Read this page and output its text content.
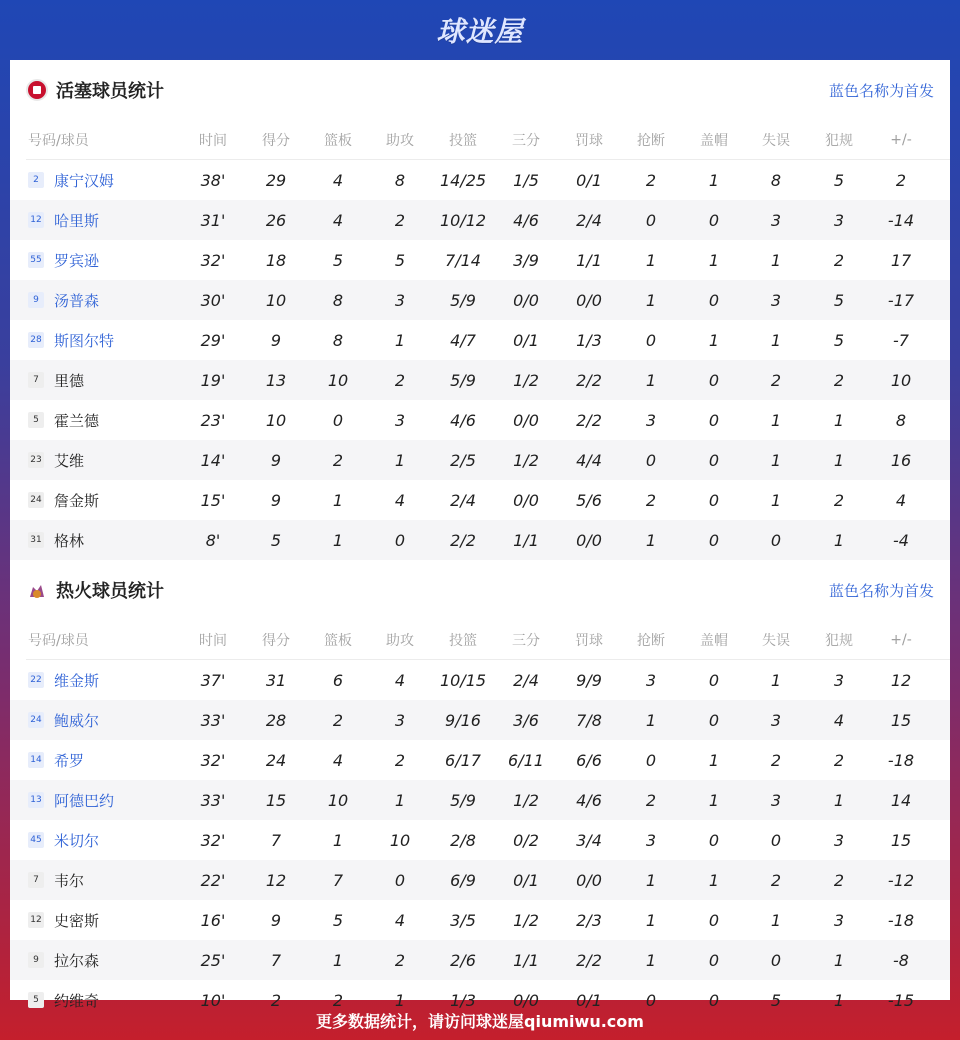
球迷屋
活塞球员统计	蓝色名称为首发
号码/球员	时间	得分	篮板	助攻	投篮	三分	罚球	抢断	盖帽	失误	犯规	+/-
2	康宁汉姆	38'	29	4	8	14/25	1/5	0/1	2	1	8	5	2
12 哈里斯	31'	26	4	2	10/12	4/6	2/4	0	0	3	3	-14
55 罗宾逊	32'	18	5	5	7/14	3/9	1/1	1	1	1	2	17
9	汤普森	30'	10	8	3	5/9	0/0	0/0	1	0	3	5	-17
28 斯图尔特	29'	9	8	1	4/7	0/1	1/3	0	1	1	5	-7
7	里德	19'	13	10	2	5/9	1/2	2/2	1	0	2	2	10
5	霍兰德	23'	10	0	3	4/6	0/0	2/2	3	0	1	1	8
23 艾维	14'	9	2	1	2/5	1/2	4/4	0	0	1	1	16
24 詹金斯	15'	9	1	4	2/4	0/0	5/6	2	0	1	2	4
31 格林	8'	5	1	0	2/2	1/1	0/0	1	0	0	1	-4
热火球员统计	蓝色名称为首发
号码/球员	时间	得分	篮板	助攻	投篮	三分	罚球	抢断	盖帽	失误	犯规	+/-
22 维金斯	37'	31	6	4	10/15	2/4	9/9	3	0	1	3	12
24 鲍威尔	33'	28	2	3	9/16	3/6	7/8	1	0	3	4	15
14 希罗	32'	24	4	2	6/17	6/11	6/6	0	1	2	2	-18
13 阿德巴约	33'	15	10	1	5/9	1/2	4/6	2	1	3	1	14
45 米切尔	32'	7	1	10	2/8	0/2	3/4	3	0	0	3	15
7	韦尔	22'	12	7	0	6/9	0/1	0/0	1	1	2	2	-12
12 史密斯	16'	9	5	4	3/5	1/2	2/3	1	0	1	3	-18
9	拉尔森	25'	7	1	2	2/6	1/1	2/2	1	0	0	1	-8
5	约维奇	10'	2	2	1	1/3	0/0	0/1	0	0	5	1	-15
更多数据统计，请访问球迷屋qiumiwu.com
